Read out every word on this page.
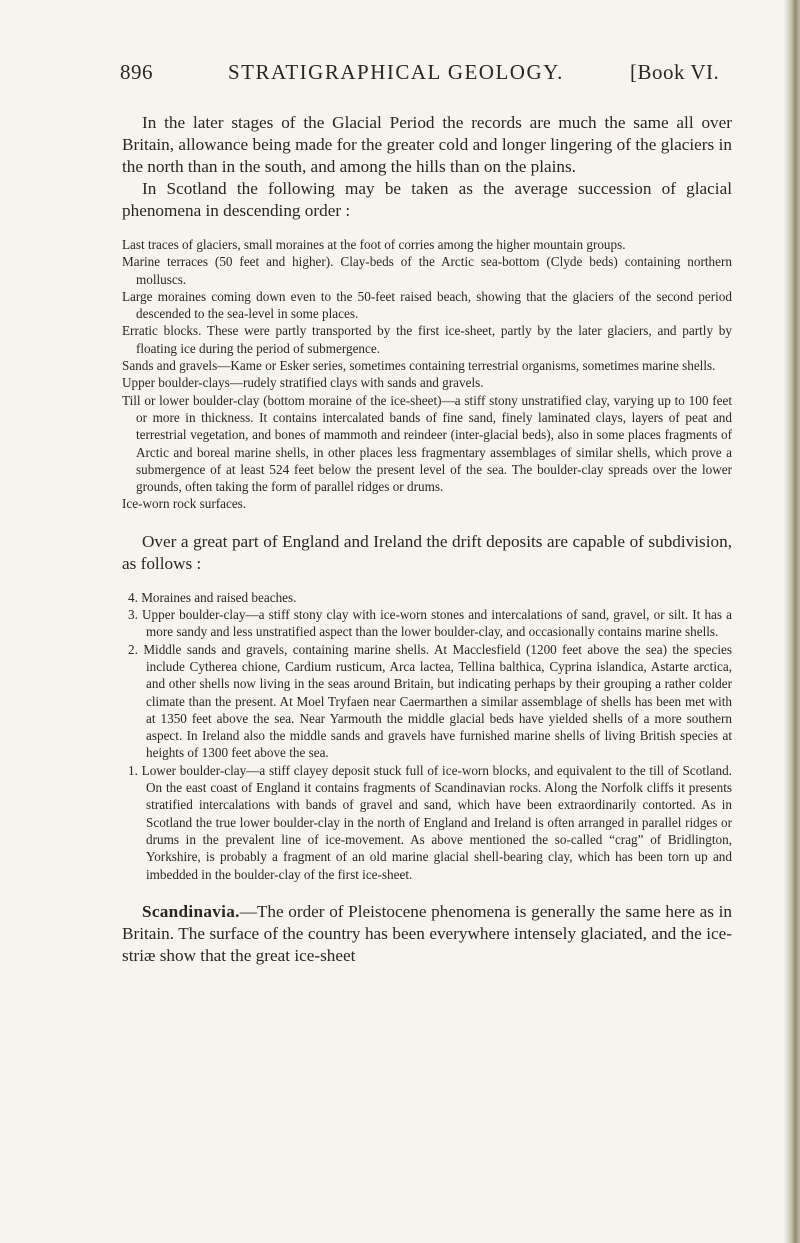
896	STRATIGRAPHICAL GEOLOGY.	[Book VI.

In the later stages of the Glacial Period the records are much the same all over Britain, allowance being made for the greater cold and longer lingering of the glaciers in the north than in the south, and among the hills than on the plains.

In Scotland the following may be taken as the average succession of glacial phenomena in descending order :

Last traces of glaciers, small moraines at the foot of corries among the higher mountain groups.

Marine terraces (50 feet and higher). Clay-beds of the Arctic sea-bottom (Clyde beds) containing northern molluscs.

Large moraines coming down even to the 50-feet raised beach, showing that the glaciers of the second period descended to the sea-level in some places.

Erratic blocks. These were partly transported by the first ice-sheet, partly by the later glaciers, and partly by floating ice during the period of submergence.

Sands and gravels—Kame or Esker series, sometimes containing terrestrial organisms, sometimes marine shells.

Upper boulder-clays—rudely stratified clays with sands and gravels.

Till or lower boulder-clay (bottom moraine of the ice-sheet)—a stiff stony unstratified clay, varying up to 100 feet or more in thickness. It contains intercalated bands of fine sand, finely laminated clays, layers of peat and terrestrial vegetation, and bones of mammoth and reindeer (inter-glacial beds), also in some places fragments of Arctic and boreal marine shells, in other places less fragmentary assemblages of similar shells, which prove a submergence of at least 524 feet below the present level of the sea. The boulder-clay spreads over the lower grounds, often taking the form of parallel ridges or drums.

Ice-worn rock surfaces.

Over a great part of England and Ireland the drift deposits are capable of subdivision, as follows :

4. Moraines and raised beaches.

3. Upper boulder-clay—a stiff stony clay with ice-worn stones and intercalations of sand, gravel, or silt. It has a more sandy and less unstratified aspect than the lower boulder-clay, and occasionally contains marine shells.

2. Middle sands and gravels, containing marine shells. At Macclesfield (1200 feet above the sea) the species include Cytherea chione, Cardium rusticum, Arca lactea, Tellina balthica, Cyprina islandica, Astarte arctica, and other shells now living in the seas around Britain, but indicating perhaps by their grouping a rather colder climate than the present. At Moel Tryfaen near Caermarthen a similar assemblage of shells has been met with at 1350 feet above the sea. Near Yarmouth the middle glacial beds have yielded shells of a more southern aspect. In Ireland also the middle sands and gravels have furnished marine shells of living British species at heights of 1300 feet above the sea.

1. Lower boulder-clay—a stiff clayey deposit stuck full of ice-worn blocks, and equivalent to the till of Scotland. On the east coast of England it contains fragments of Scandinavian rocks. Along the Norfolk cliffs it presents stratified intercalations with bands of gravel and sand, which have been extraordinarily contorted. As in Scotland the true lower boulder-clay in the north of England and Ireland is often arranged in parallel ridges or drums in the prevalent line of ice-movement. As above mentioned the so-called “crag” of Bridlington, Yorkshire, is probably a fragment of an old marine glacial shell-bearing clay, which has been torn up and imbedded in the boulder-clay of the first ice-sheet.

Scandinavia.—The order of Pleistocene phenomena is generally the same here as in Britain. The surface of the country has been everywhere intensely glaciated, and the ice-striæ show that the great ice-sheet
